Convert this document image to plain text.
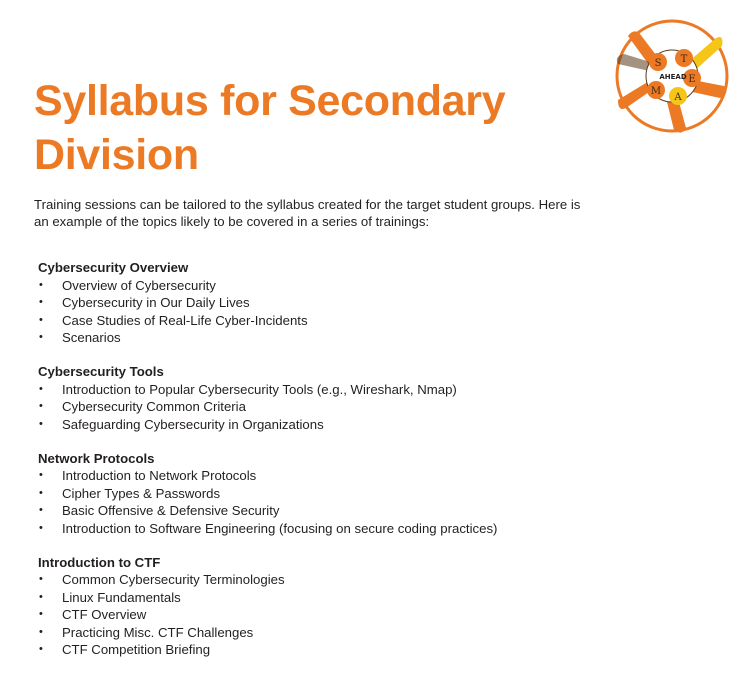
Syllabus for Secondary Division
S T
E
M
A
AHEAD

Training sessions can be tailored to the syllabus created for the target student groups. Here is an example of the topics likely to be covered in a series of trainings:

Cybersecurity Overview
• Overview of Cybersecurity
• Cybersecurity in Our Daily Lives
• Case Studies of Real-Life Cyber-Incidents
• Scenarios
Cybersecurity Tools
• Introduction to Popular Cybersecurity Tools (e.g., Wireshark, Nmap)
• Cybersecurity Common Criteria
• Safeguarding Cybersecurity in Organizations
Network Protocols
• Introduction to Network Protocols
• Cipher Types & Passwords
• Basic Offensive & Defensive Security
• Introduction to Software Engineering (focusing on secure coding practices)
Introduction to CTF
• Common Cybersecurity Terminologies
• Linux Fundamentals
• CTF Overview
• Practicing Misc. CTF Challenges
• CTF Competition Briefing
